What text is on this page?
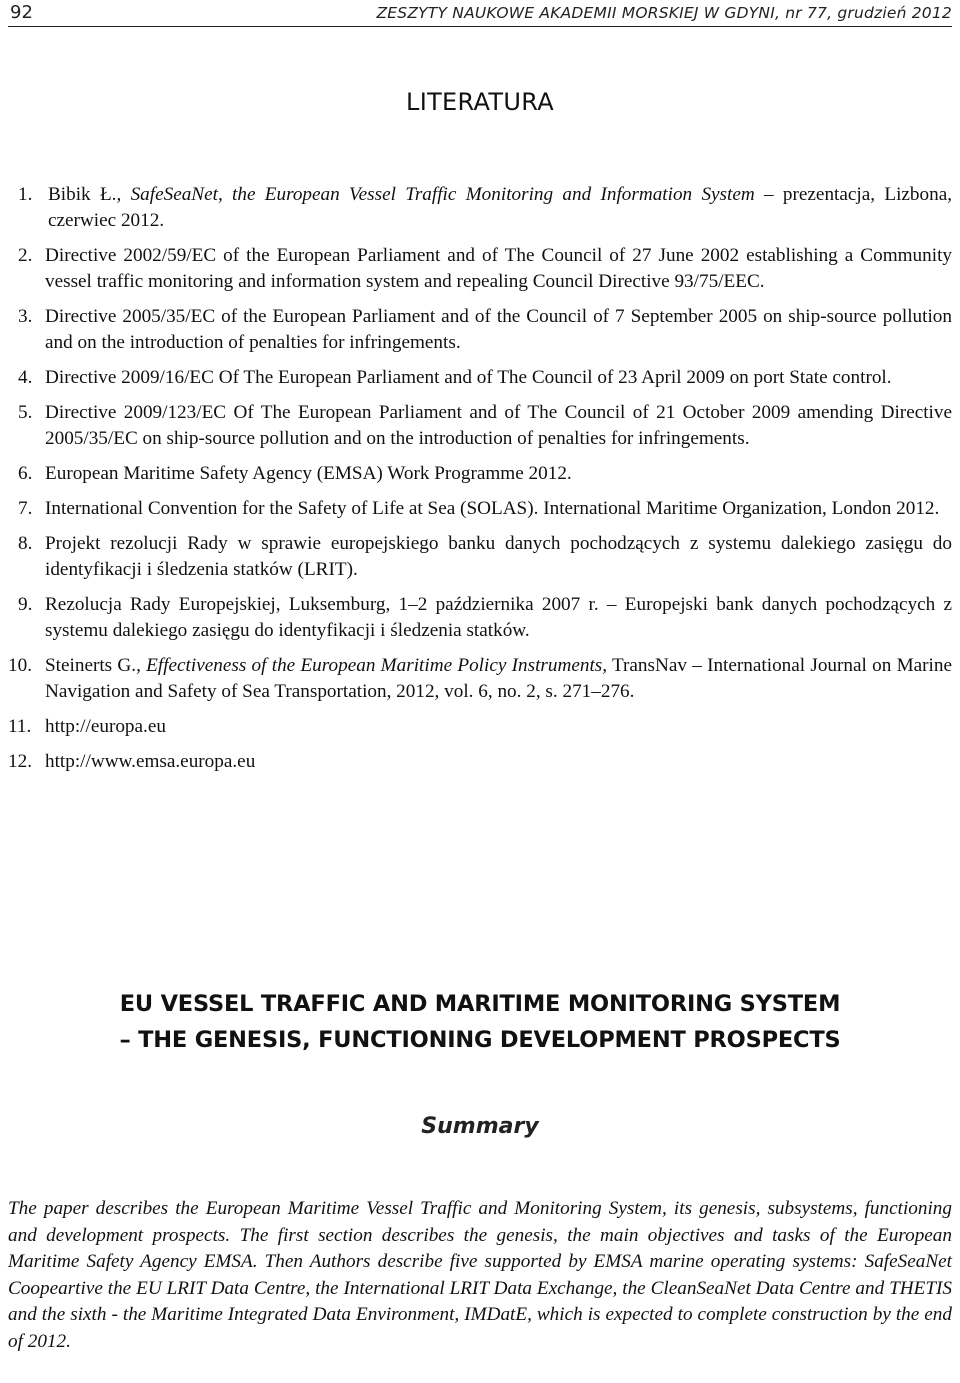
92	ZESZYTY NAUKOWE AKADEMII MORSKIEJ W GDYNI, nr 77, grudzień 2012
LITERATURA
1. Bibik Ł., SafeSeaNet, the European Vessel Traffic Monitoring and Information System – prezentacja, Lizbona, czerwiec 2012.
2. Directive 2002/59/EC of the European Parliament and of The Council of 27 June 2002 establishing a Community vessel traffic monitoring and information system and repealing Council Directive 93/75/EEC.
3. Directive 2005/35/EC of the European Parliament and of the Council of 7 September 2005 on ship-source pollution and on the introduction of penalties for infringements.
4. Directive 2009/16/EC Of The European Parliament and of The Council of 23 April 2009 on port State control.
5. Directive 2009/123/EC Of The European Parliament and of The Council of 21 October 2009 amending Directive 2005/35/EC on ship-source pollution and on the introduction of penalties for infringements.
6. European Maritime Safety Agency (EMSA) Work Programme 2012.
7. International Convention for the Safety of Life at Sea (SOLAS). International Maritime Organization, London 2012.
8. Projekt rezolucji Rady w sprawie europejskiego banku danych pochodzących z systemu dalekiego zasięgu do identyfikacji i śledzenia statków (LRIT).
9. Rezolucja Rady Europejskiej, Luksemburg, 1–2 października 2007 r. – Europejski bank danych pochodzących z systemu dalekiego zasięgu do identyfikacji i śledzenia statków.
10. Steinerts G., Effectiveness of the European Maritime Policy Instruments, TransNav – International Journal on Marine Navigation and Safety of Sea Transportation, 2012, vol. 6, no. 2, s. 271–276.
11. http://europa.eu
12. http://www.emsa.europa.eu
EU VESSEL TRAFFIC AND MARITIME MONITORING SYSTEM
– THE GENESIS, FUNCTIONING DEVELOPMENT PROSPECTS
Summary

The paper describes the European Maritime Vessel Traffic and Monitoring System, its genesis, subsystems, functioning and development prospects. The first section describes the genesis, the main objectives and tasks of the European Maritime Safety Agency EMSA. Then Authors describe five supported by EMSA marine operating systems: SafeSeaNet Coopeartive the EU LRIT Data Centre, the International LRIT Data Exchange, the CleanSeaNet Data Centre and THETIS and the sixth - the Maritime Integrated Data Environment, IMDatE, which is expected to complete construction by the end of 2012.
